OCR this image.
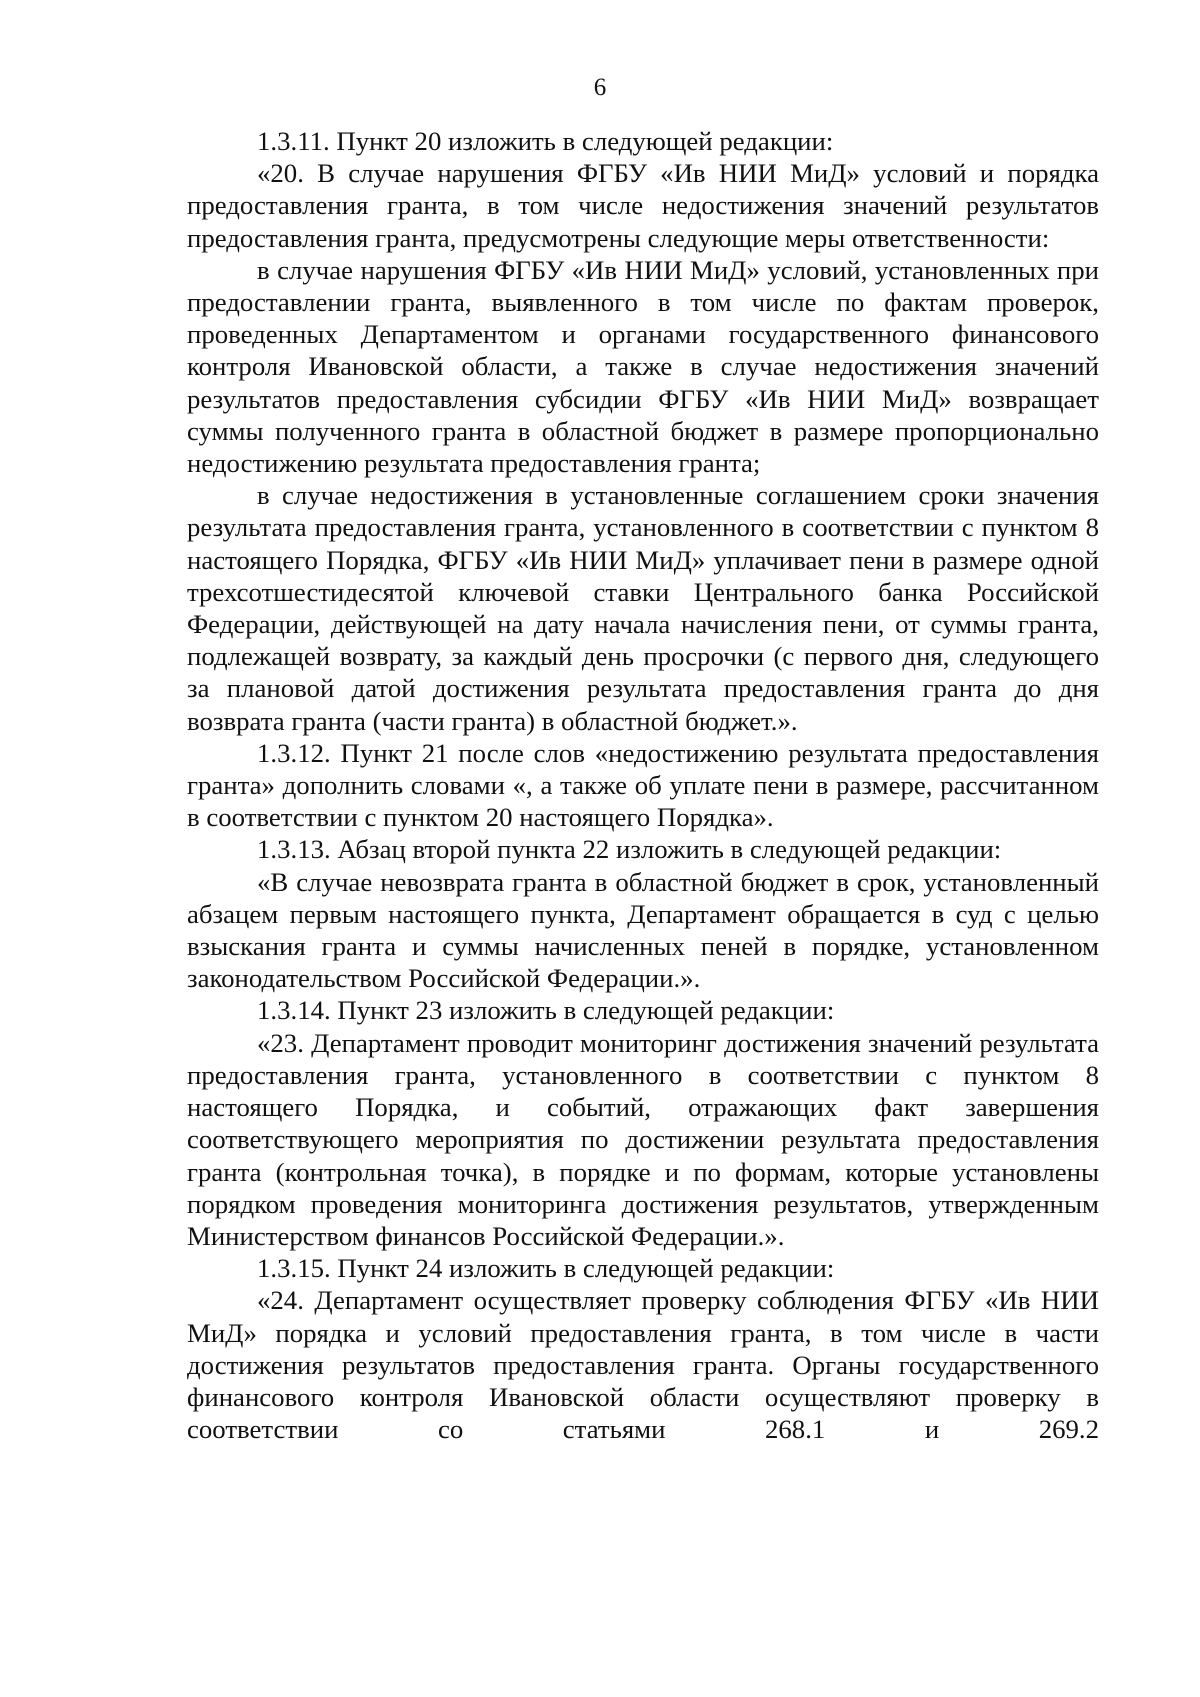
6

1.3.11. Пункт 20 изложить в следующей редакции:

«20. В случае нарушения ФГБУ «Ив НИИ МиД» условий и порядка предоставления гранта, в том числе недостижения значений результатов предоставления гранта, предусмотрены следующие меры ответственности:

в случае нарушения ФГБУ «Ив НИИ МиД» условий, установленных при предоставлении гранта, выявленного в том числе по фактам проверок, проведенных Департаментом и органами государственного финансового контроля Ивановской области, а также в случае недостижения значений результатов предоставления субсидии ФГБУ «Ив НИИ МиД» возвращает суммы полученного гранта в областной бюджет в размере пропорционально недостижению результата предоставления гранта;

в случае недостижения в установленные соглашением сроки значения результата предоставления гранта, установленного в соответствии с пунктом 8 настоящего Порядка, ФГБУ «Ив НИИ МиД» уплачивает пени в размере одной трехсотшестидесятой ключевой ставки Центрального банка Российской Федерации, действующей на дату начала начисления пени, от суммы гранта, подлежащей возврату, за каждый день просрочки (с первого дня, следующего за плановой датой достижения результата предоставления гранта до дня возврата гранта (части гранта) в областной бюджет.».

1.3.12. Пункт 21 после слов «недостижению результата предоставления гранта» дополнить словами «, а также об уплате пени в размере, рассчитанном в соответствии с пунктом 20 настоящего Порядка».

1.3.13. Абзац второй пункта 22 изложить в следующей редакции:

«В случае невозврата гранта в областной бюджет в срок, установленный абзацем первым настоящего пункта, Департамент обращается в суд с целью взыскания гранта и суммы начисленных пеней в порядке, установленном законодательством Российской Федерации.».

1.3.14. Пункт 23 изложить в следующей редакции:

«23. Департамент проводит мониторинг достижения значений результата предоставления гранта, установленного в соответствии с пунктом 8 настоящего Порядка, и событий, отражающих факт завершения соответствующего мероприятия по достижении результата предоставления гранта (контрольная точка), в порядке и по формам, которые установлены порядком проведения мониторинга достижения результатов, утвержденным Министерством финансов Российской Федерации.».

1.3.15. Пункт 24 изложить в следующей редакции:

«24. Департамент осуществляет проверку соблюдения ФГБУ «Ив НИИ МиД» порядка и условий предоставления гранта, в том числе в части достижения результатов предоставления гранта. Органы государственного финансового контроля Ивановской области осуществляют проверку в соответствии со статьями 268.1 и 269.2
